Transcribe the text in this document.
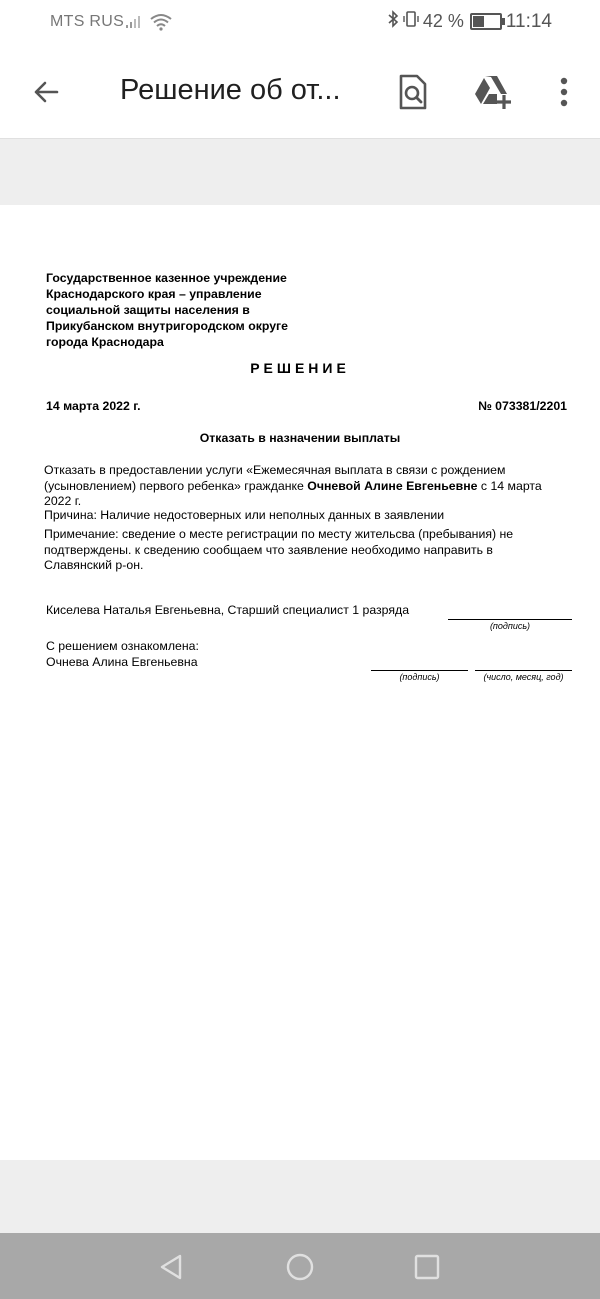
MTS RUS	42 % 11:14
Решение об от...
Государственное казенное учреждение
Краснодарского края – управление
социальной защиты населения в
Прикубанском внутригородском округе
города Краснодара
РЕШЕНИЕ
14 марта 2022 г.	№ 073381/2201
Отказать в назначении выплаты
Отказать в предоставлении услуги «Ежемесячная выплата в связи с рождением (усыновлением) первого ребенка» гражданке Очневой Алине Евгеньевне с 14 марта 2022 г.
Причина: Наличие недостоверных или неполных данных в заявлении
Примечание: сведение о месте регистрации по месту жительсва (пребывания) не подтверждены. к сведению сообщаем что заявление необходимо направить в Славянский р-он.
Киселева Наталья Евгеньевна, Старший специалист 1 разряда
(подпись)
С решением ознакомлена:
Очнева Алина Евгеньевна
(подпись)	(число, месяц, год)
